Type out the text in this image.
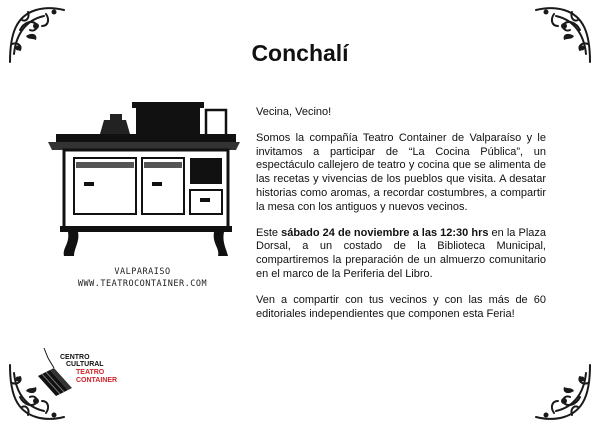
Conchalí
VALPARAISO
WWW.TEATROCONTAINER.COM
CENTRO
CULTURAL
TEATRO
CONTAINER

Vecina, Vecino!

Somos la compañía Teatro Container de Valparaíso y le invitamos a participar de “La Cocina Pública”, un espectáculo callejero de teatro y cocina que se alimenta de las recetas y vivencias de los pueblos que visita. A desatar historias como aromas, a recordar costumbres, a compartir la mesa con los antiguos y nuevos vecinos.

Este sábado 24 de noviembre a las 12:30 hrs en la Plaza Dorsal, a un costado de la Biblioteca Municipal, compartiremos la preparación de un almuerzo comunitario en el marco de la Periferia del Libro.

Ven a compartir con tus vecinos y con las más de 60 editoriales independientes que componen esta Feria!
